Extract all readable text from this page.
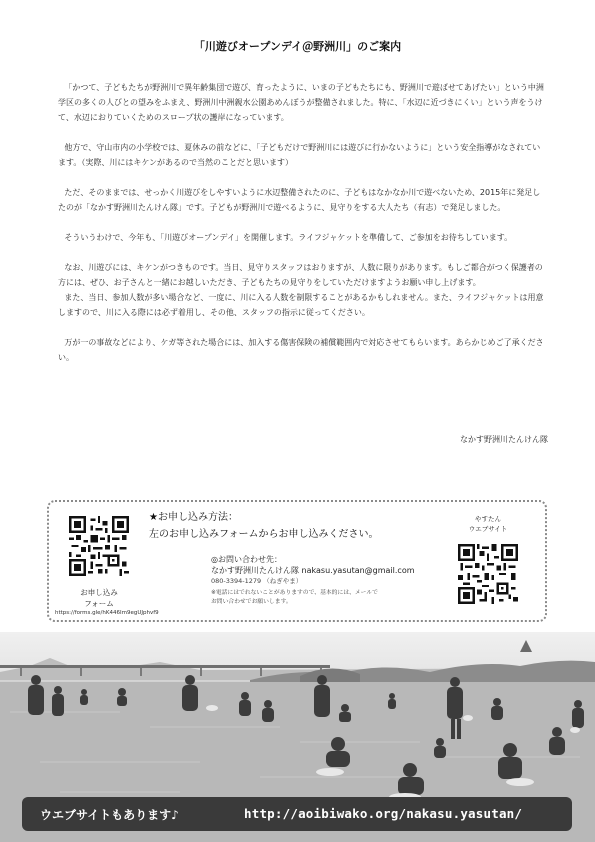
「川遊びオープンデイ＠野洲川」のご案内

「かつて、子どもたちが野洲川で異年齢集団で遊び、育ったように、いまの子どもたちにも、野洲川で遊ばせてあげたい」という中洲学区の多くの人びとの望みをふまえ、野洲川中洲親水公園あめんぼうが整備されました。特に、「水辺に近づきにくい」という声をうけて、水辺におりていくためのスロープ状の護岸になっています。

他方で、守山市内の小学校では、夏休みの前などに、「子どもだけで野洲川には遊びに行かないように」という安全指導がなされています。（実際、川にはキケンがあるので当然のことだと思います）

ただ、そのままでは、せっかく川遊びをしやすいように水辺整備されたのに、子どもはなかなか川で遊べないため、2015年に発足したのが「なかす野洲川たんけん隊」です。子どもが野洲川で遊べるように、見守りをする大人たち（有志）で発足しました。

そういうわけで、今年も、「川遊びオープンデイ」を開催します。ライフジャケットを準備して、ご参加をお待ちしています。

なお、川遊びには、キケンがつきものです。当日、見守りスタッフはおりますが、人数に限りがあります。もしご都合がつく保護者の方には、ぜひ、お子さんと一緒にお越しいただき、子どもたちの見守りをしていただけますようお願い申し上げます。

また、当日、参加人数が多い場合など、一度に、川に入る人数を制限することがあるかもしれません。また、ライフジャケットは用意しますので、川に入る際には必ず着用し、その他、スタッフの指示に従ってください。

万が一の事故などにより、ケガ等された場合には、加入する傷害保険の補償範囲内で対応させてもらいます。あらかじめご了承ください。

なかす野洲川たんけん隊
お申し込み
フォーム
https://forms.gle/hK446Im9egUJphvf9
★お申し込み方法：
左のお申し込みフォームからお申し込みください。
◎お問い合わせ先：
なかす野洲川たんけん隊 nakasu.yasutan@gmail.com
080-3394-1279 （ねぎやま）
※電話にはでれないことがありますので、基本的には、メールで
お問い合わせでお願いします。
やすたん
ウエブサイト
ウエブサイトもあります♪	http://aoibiwako.org/nakasu.yasutan/
